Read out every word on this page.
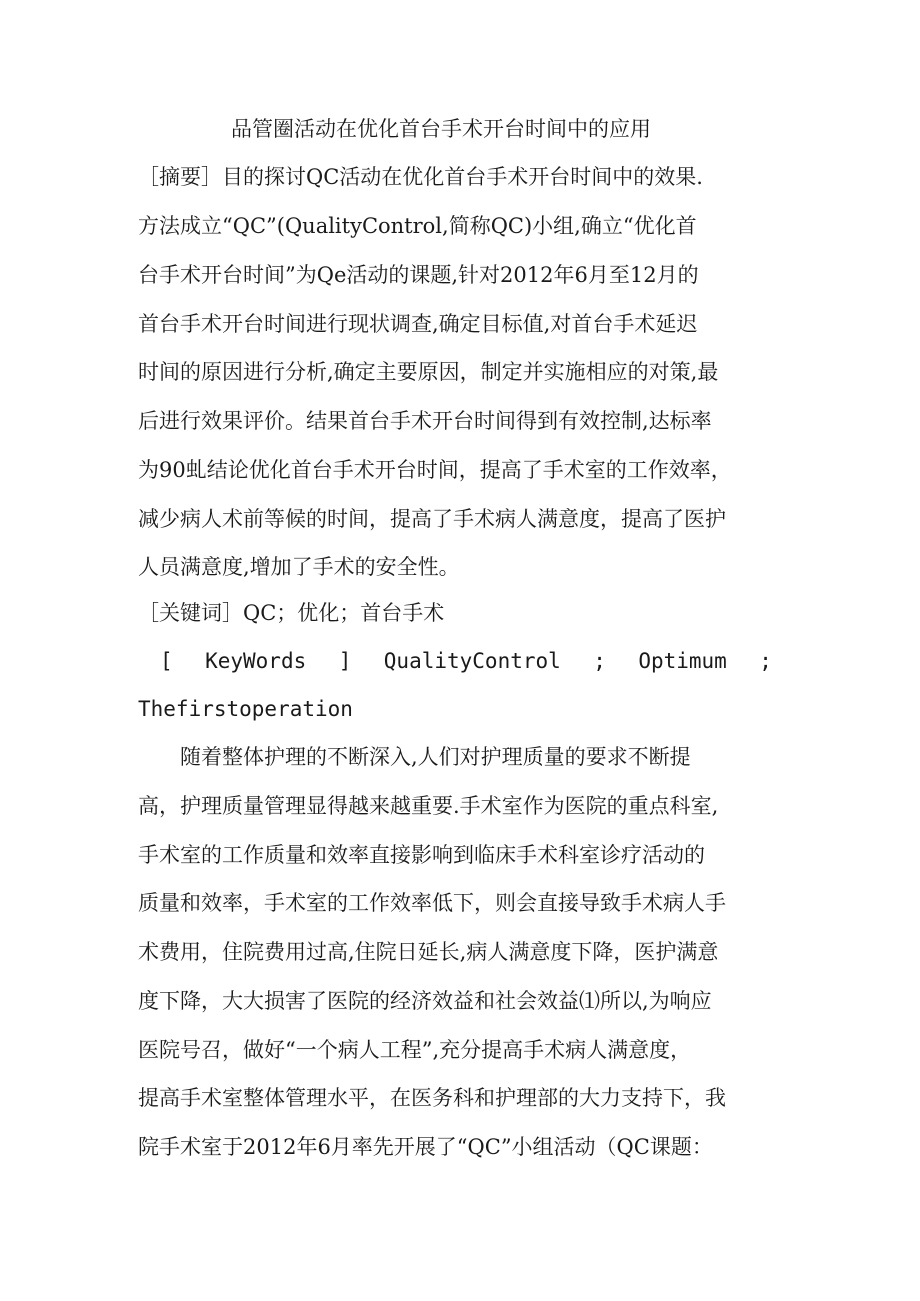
品管圈活动在优化首台手术开台时间中的应用

［摘要］目的探讨QC活动在优化首台手术开台时间中的效果.

方法成立“QC”(QualityControl,简称QC)小组,确立“优化首

台手术开台时间”为Qe活动的课题,针对2012年6月至12月的

首台手术开台时间进行现状调查,确定目标值,对首台手术延迟

时间的原因进行分析,确定主要原因，制定并实施相应的对策,最

后进行效果评价。结果首台手术开台时间得到有效控制,达标率

为90虬结论优化首台手术开台时间，提高了手术室的工作效率，

减少病人术前等候的时间，提高了手术病人满意度，提高了医护

人员满意度,增加了手术的安全性。

［关键词］QC；优化；首台手术

[ KeyWords ] QualityControl ; Optimum ;

Thefirstoperation

　　随着整体护理的不断深入,人们对护理质量的要求不断提

高，护理质量管理显得越来越重要.手术室作为医院的重点科室,

手术室的工作质量和效率直接影响到临床手术科室诊疗活动的

质量和效率，手术室的工作效率低下，则会直接导致手术病人手

术费用，住院费用过高,住院日延长,病人满意度下降，医护满意

度下降，大大损害了医院的经济效益和社会效益⑴所以,为响应

医院号召，做好“一个病人工程”,充分提高手术病人满意度，

提高手术室整体管理水平，在医务科和护理部的大力支持下，我

院手术室于2012年6月率先开展了“QC”小组活动（QC课题：
